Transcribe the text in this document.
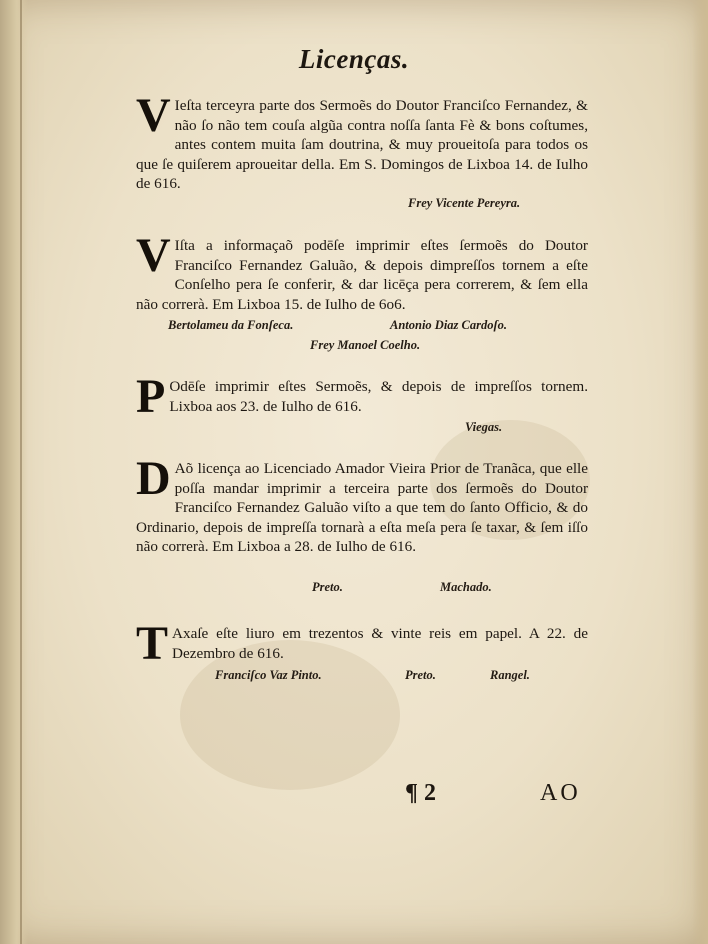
Licenças.
V Ieſta terceyra parte dos Sermoẽs do Doutor Franciſco Fernandez, & não ſo não tem couſa algũa contra noſſa ſanta Fè & bons coſtumes, antes contem muita ſam doutrina, & muy proueitoſa para todos os que ſe quiſerem aproueitar della. Em S. Domingos de Lixboa 14. de Iulho de 616.
Frey Vicente Pereyra.
V Iſta a informaçaõ podēſe imprimir eſtes ſermoẽs do Doutor Franciſco Fernandez Galuão, & depois dimpreſſos tornem a eſte Conſelho pera ſe conferir, & dar licēça pera correrem, & ſem ella não correrà. Em Lixboa 15. de Iulho de 6o6.
Bertolameu da Fonſeca.	Antonio Diaz Cardoſo.
Frey Manoel Coelho.
P Odēſe imprimir eſtes Sermoẽs, & depois de impreſſos tornem. Lixboa aos 23. de Iulho de 616.
Viegas.
D Aõ licença ao Licenciado Amador Vieira Prior de Tranãca, que elle poſſa mandar imprimir a terceira parte dos ſermoẽs do Doutor Franciſco Fernandez Galuão viſto a que tem do ſanto Officio, & do Ordinario, depois de impreſſa tornarà a eſta meſa pera ſe taxar, & ſem iſſo não correrà. Em Lixboa a 28. de Iulho de 616.
Preto.	Machado.
T Axaſe eſte liuro em trezentos & vinte reis em papel. A 22. de Dezembro de 616.
Franciſco Vaz Pinto.	Preto.	Rangel.
¶ 2	AO
